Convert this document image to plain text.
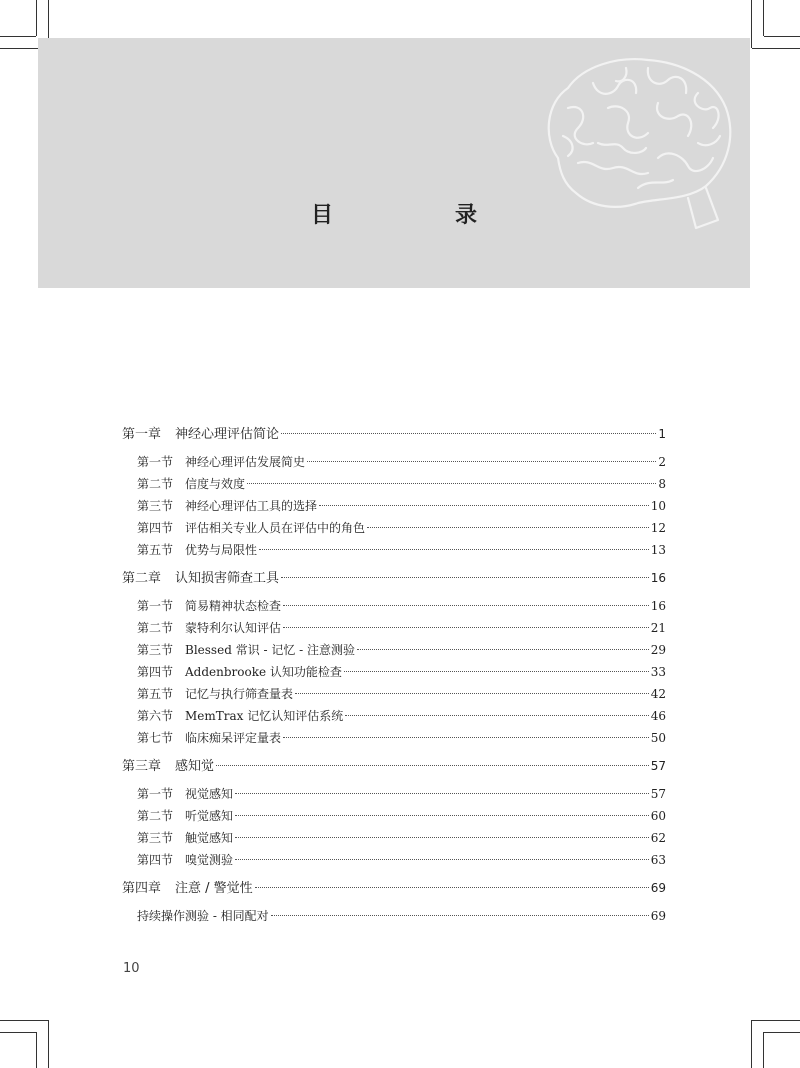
目　录
第一章 神经心理评估简论	1
第一节 神经心理评估发展简史	2
第二节 信度与效度	8
第三节 神经心理评估工具的选择	10
第四节 评估相关专业人员在评估中的角色	12
第五节 优势与局限性	13
第二章 认知损害筛查工具	16
第一节 简易精神状态检查	16
第二节 蒙特利尔认知评估	21
第三节 Blessed 常识 - 记忆 - 注意测验	29
第四节 Addenbrooke 认知功能检查	33
第五节 记忆与执行筛查量表	42
第六节 MemTrax 记忆认知评估系统	46
第七节 临床痴呆评定量表	50
第三章 感知觉	57
第一节 视觉感知	57
第二节 听觉感知	60
第三节 触觉感知	62
第四节 嗅觉测验	63
第四章 注意 / 警觉性	69
持续操作测验 - 相同配对	69
10
